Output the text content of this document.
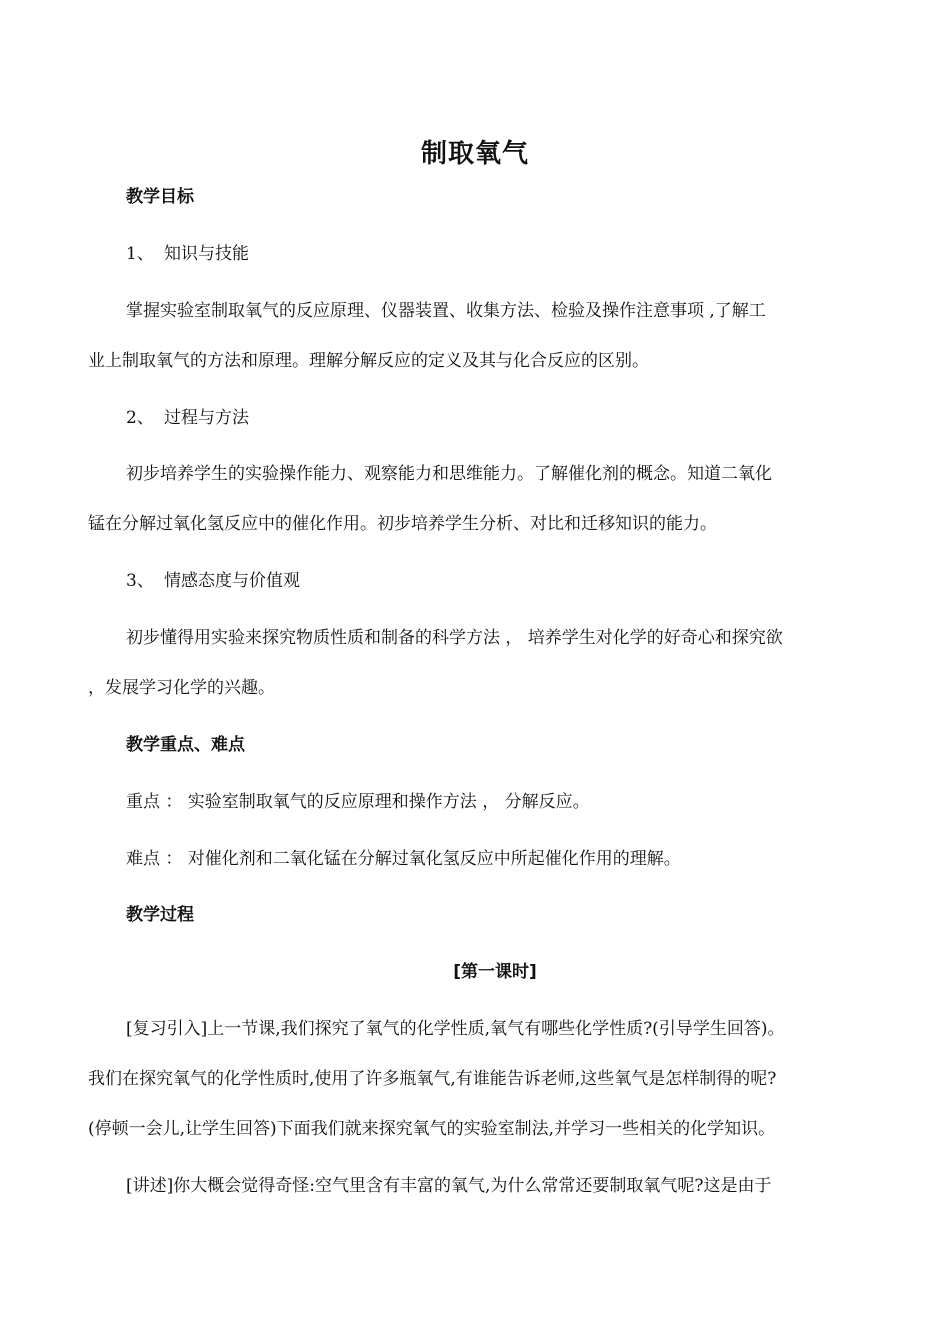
制取氧气
教学目标
1、 知识与技能
掌握实验室制取氧气的反应原理、仪器装置、收集方法、检验及操作注意事项 ,了解工
业上制取氧气的方法和原理。理解分解反应的定义及其与化合反应的区别。
2、 过程与方法
初步培养学生的实验操作能力、观察能力和思维能力。了解催化剂的概念。知道二氧化
锰在分解过氧化氢反应中的催化作用。初步培养学生分析、对比和迁移知识的能力。
3、 情感态度与价值观
初步懂得用实验来探究物质性质和制备的科学方法 ， 培养学生对化学的好奇心和探究欲
，发展学习化学的兴趣。
教学重点、难点
重点 ： 实验室制取氧气的反应原理和操作方法 ， 分解反应。
难点 ： 对催化剂和二氧化锰在分解过氧化氢反应中所起催化作用的理解。
教学过程
[第一课时]
[复习引入]上一节课,我们探究了氧气的化学性质,氧气有哪些化学性质?(引导学生回答)。
我们在探究氧气的化学性质时,使用了许多瓶氧气,有谁能告诉老师,这些氧气是怎样制得的呢?
(停顿一会儿,让学生回答)下面我们就来探究氧气的实验室制法,并学习一些相关的化学知识。
[讲述]你大概会觉得奇怪:空气里含有丰富的氧气,为什么常常还要制取氧气呢?这是由于
